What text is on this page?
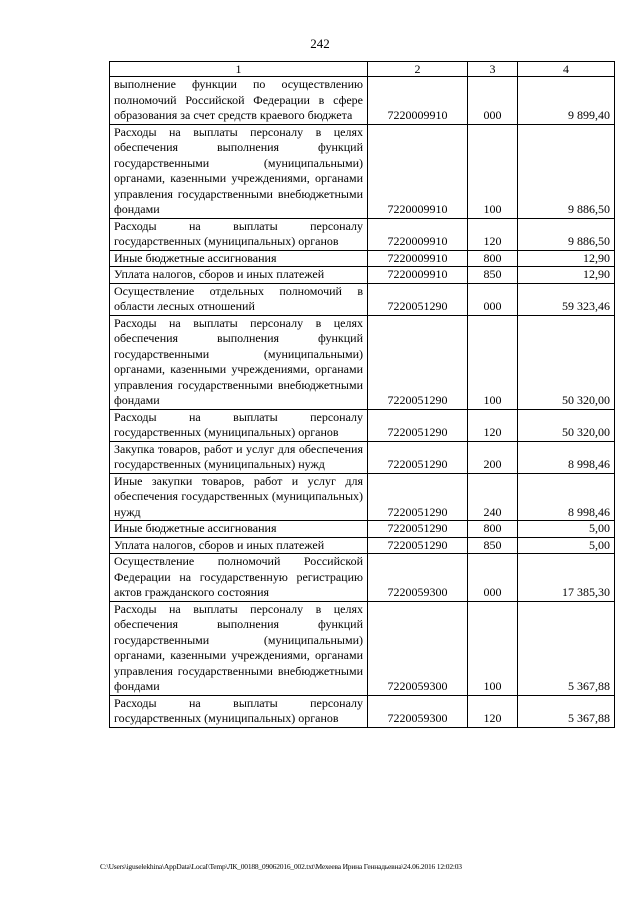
242
1	2	3	4
выполнение функции по осуществлению полномочий Российской Федерации в сфере образования за счет средств краевого бюджета	7220009910	000	9 899,40
Расходы на выплаты персоналу в целях обеспечения выполнения функций государственными (муниципальными) органами, казенными учреждениями, органами управления государственными внебюджетными фондами	7220009910	100	9 886,50
Расходы на выплаты персоналу государственных (муниципальных) органов	7220009910	120	9 886,50
Иные бюджетные ассигнования	7220009910	800	12,90
Уплата налогов, сборов и иных платежей	7220009910	850	12,90
Осуществление отдельных полномочий в области лесных отношений	7220051290	000	59 323,46
Расходы на выплаты персоналу в целях обеспечения выполнения функций государственными (муниципальными) органами, казенными учреждениями, органами управления государственными внебюджетными фондами	7220051290	100	50 320,00
Расходы на выплаты персоналу государственных (муниципальных) органов	7220051290	120	50 320,00
Закупка товаров, работ и услуг для обеспечения государственных (муниципальных) нужд	7220051290	200	8 998,46
Иные закупки товаров, работ и услуг для обеспечения государственных (муниципальных) нужд	7220051290	240	8 998,46
Иные бюджетные ассигнования	7220051290	800	5,00
Уплата налогов, сборов и иных платежей	7220051290	850	5,00
Осуществление полномочий Российской Федерации на государственную регистрацию актов гражданского состояния	7220059300	000	17 385,30
Расходы на выплаты персоналу в целях обеспечения выполнения функций государственными (муниципальными) органами, казенными учреждениями, органами управления государственными внебюджетными фондами	7220059300	100	5 367,88
Расходы на выплаты персоналу государственных (муниципальных) органов	7220059300	120	5 367,88
C:\Users\iguselekhina\AppData\Local\Temp\ЛК_00188_09062016_002.txt\Мехеева Ирина Геннадьевна\24.06.2016 12:02:03
